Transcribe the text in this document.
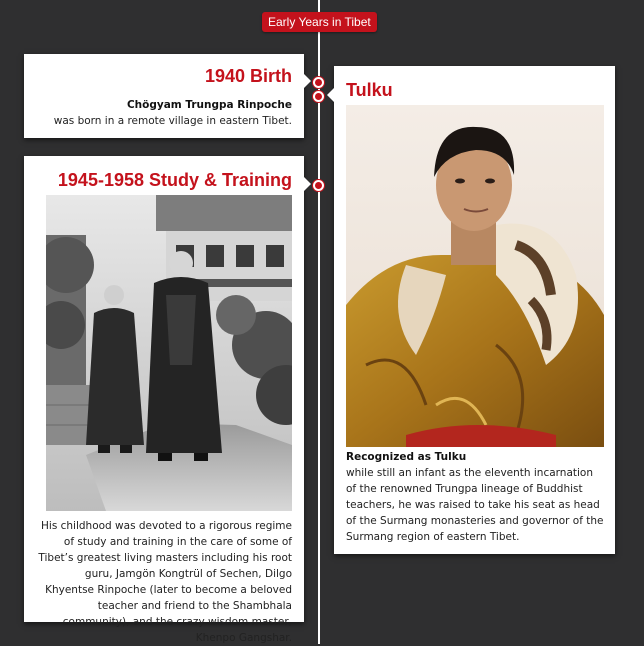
Early Years in Tibet
1940 Birth
Chögyam Trungpa Rinpoche
was born in a remote village in eastern Tibet.
1945-1958 Study & Training
His childhood was devoted to a rigorous regime of study and training in the care of some of Tibet’s greatest living masters including his root guru, Jamgön Kongtrül of Sechen, Dilgo Khyentse Rinpoche (later to become a beloved teacher and friend to the Shambhala community), and the crazy wisdom master, Khenpo Gangshar.
Tulku
Recognized as Tulku
while still an infant as the eleventh incarnation of the renowned Trungpa lineage of Buddhist teachers, he was raised to take his seat as head of the Surmang monasteries and governor of the Surmang region of eastern Tibet.
